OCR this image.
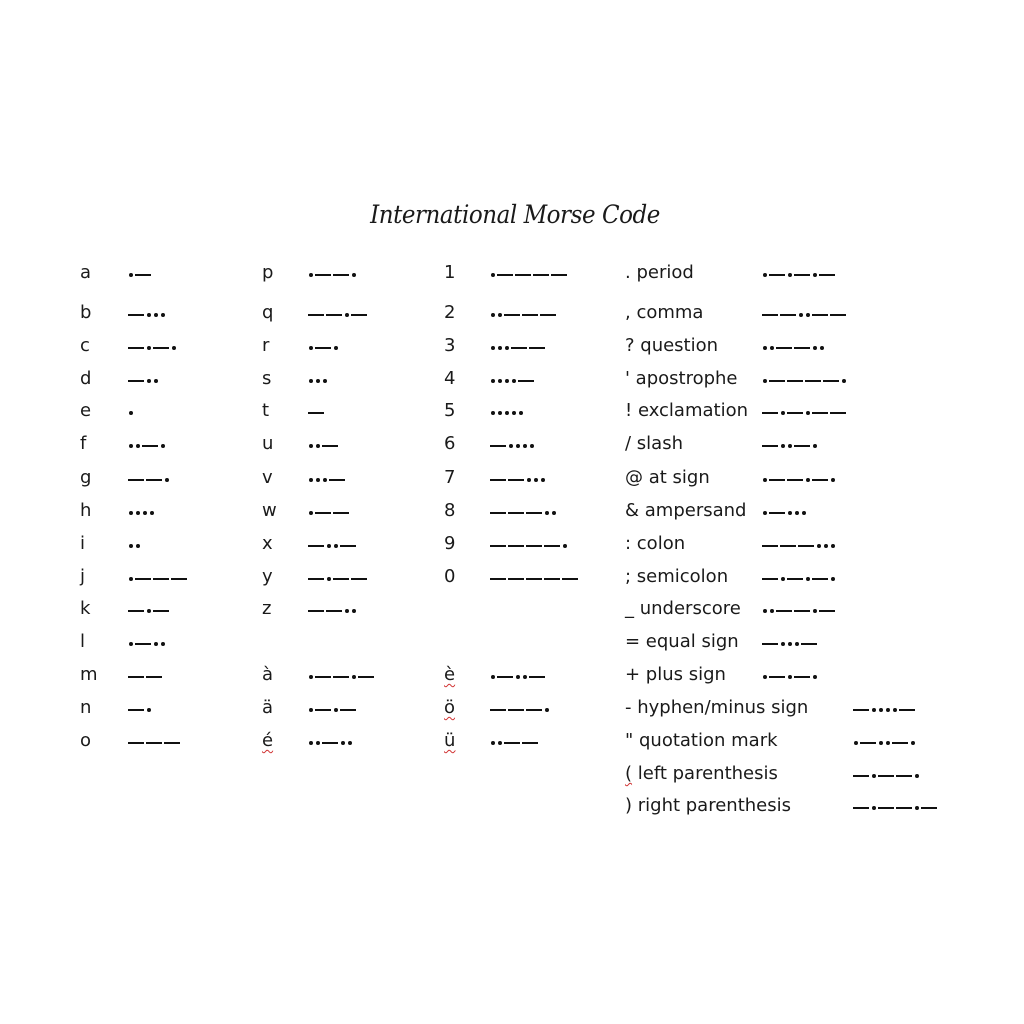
International Morse Code
a
b
c
d
e
f
g
h
i
j
k
l
m
n
o
p
q
r
s
t
u
v
w
x
y
z
à
ä
é
1
2
3
4
5
6
7
8
9
0
è
ö
ü
. period
, comma
? question
' apostrophe
! exclamation
/ slash
@ at sign
& ampersand
: colon
; semicolon
_ underscore
= equal sign
+ plus sign
- hyphen/minus sign
" quotation mark
( left parenthesis
) right parenthesis
